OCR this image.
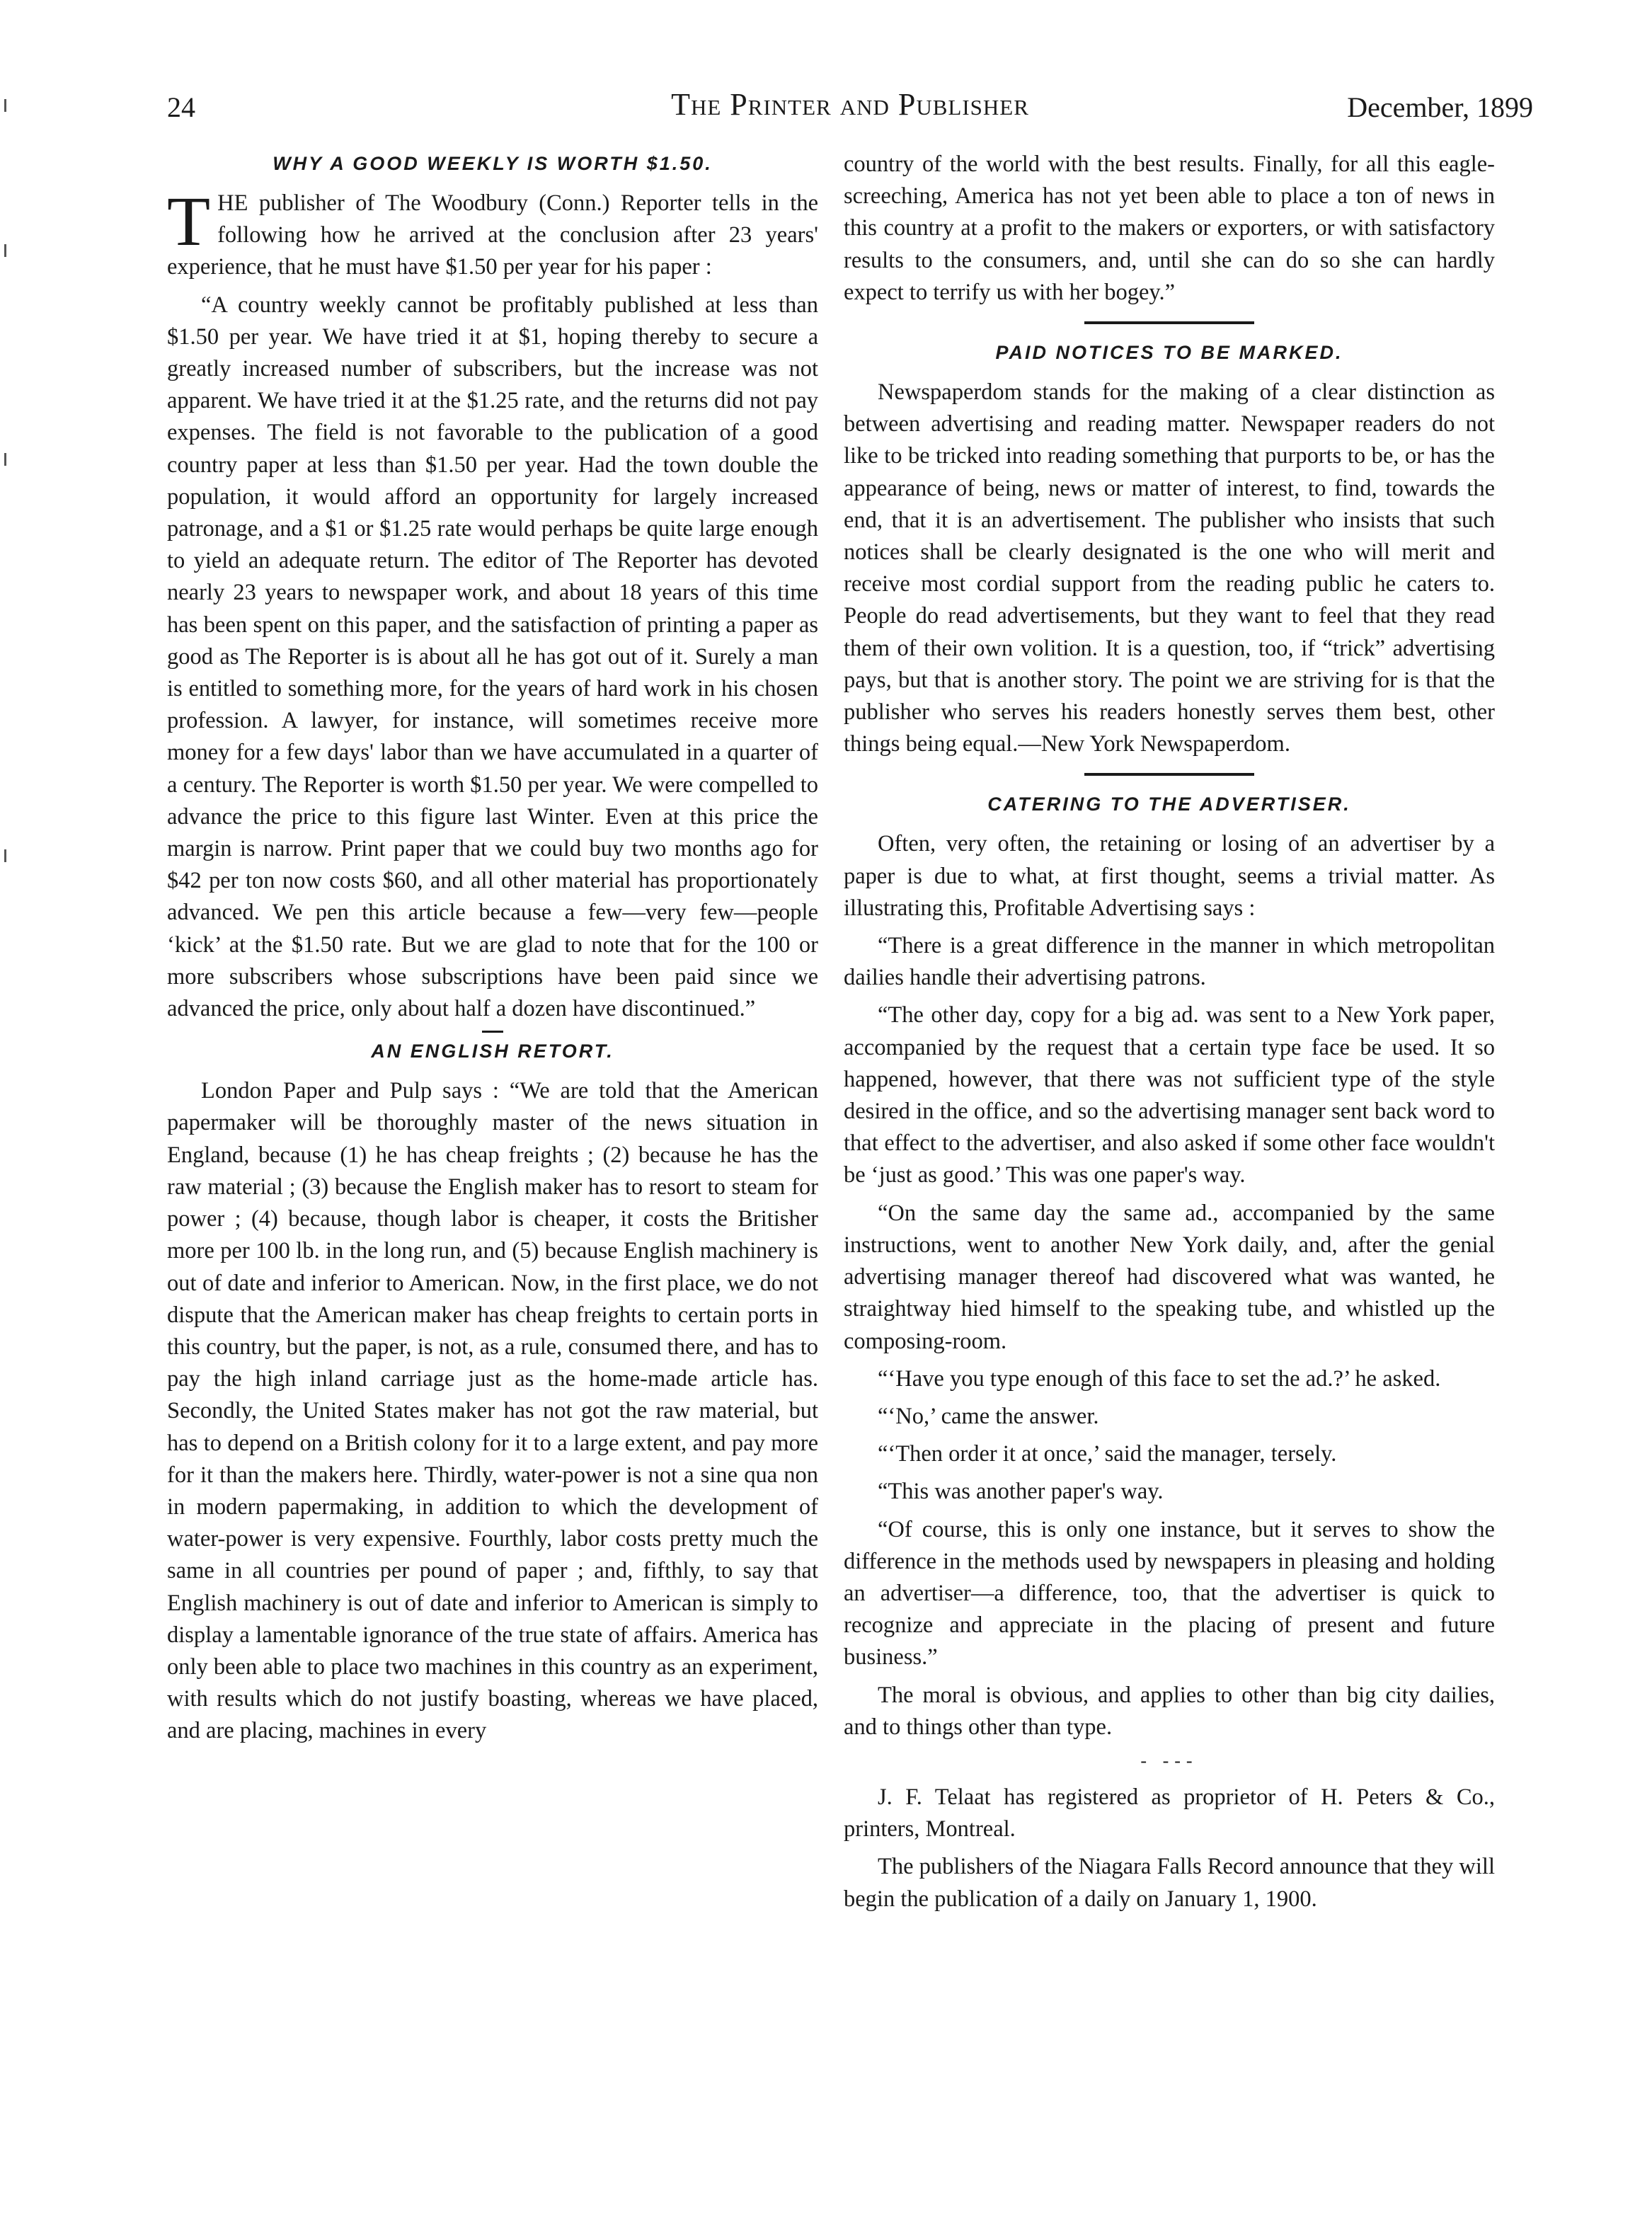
24	The Printer and Publisher	December, 1899
WHY A GOOD WEEKLY IS WORTH $1.50.

THE publisher of The Woodbury (Conn.) Reporter tells in the following how he arrived at the conclusion after 23 years' experience, that he must have $1.50 per year for his paper :

“A country weekly cannot be profitably published at less than $1.50 per year. We have tried it at $1, hoping thereby to secure a greatly increased number of subscribers, but the increase was not apparent. We have tried it at the $1.25 rate, and the returns did not pay expenses. The field is not favorable to the publication of a good country paper at less than $1.50 per year. Had the town double the population, it would afford an opportunity for largely increased patronage, and a $1 or $1.25 rate would perhaps be quite large enough to yield an adequate return. The editor of The Reporter has devoted nearly 23 years to newspaper work, and about 18 years of this time has been spent on this paper, and the satisfaction of printing a paper as good as The Reporter is is about all he has got out of it. Surely a man is entitled to something more, for the years of hard work in his chosen profession. A lawyer, for instance, will sometimes receive more money for a few days' labor than we have accumulated in a quarter of a century. The Reporter is worth $1.50 per year. We were compelled to advance the price to this figure last Winter. Even at this price the margin is narrow. Print paper that we could buy two months ago for $42 per ton now costs $60, and all other material has proportionately advanced. We pen this article because a few—very few—people ‘kick’ at the $1.50 rate. But we are glad to note that for the 100 or more subscribers whose subscriptions have been paid since we advanced the price, only about half a dozen have discontinued.”

AN ENGLISH RETORT.

London Paper and Pulp says : “We are told that the American papermaker will be thoroughly master of the news situation in England, because (1) he has cheap freights ; (2) because he has the raw material ; (3) because the English maker has to resort to steam for power ; (4) because, though labor is cheaper, it costs the Britisher more per 100 lb. in the long run, and (5) because English machinery is out of date and inferior to American. Now, in the first place, we do not dispute that the American maker has cheap freights to certain ports in this country, but the paper, is not, as a rule, consumed there, and has to pay the high inland carriage just as the home-made article has. Secondly, the United States maker has not got the raw material, but has to depend on a British colony for it to a large extent, and pay more for it than the makers here. Thirdly, water-power is not a sine qua non in modern papermaking, in addition to which the development of water-power is very expensive. Fourthly, labor costs pretty much the same in all countries per pound of paper ; and, fifthly, to say that English machinery is out of date and inferior to American is simply to display a lamentable ignorance of the true state of affairs. America has only been able to place two machines in this country as an experiment, with results which do not justify boasting, whereas we have placed, and are placing, machines in every

country of the world with the best results. Finally, for all this eagle-screeching, America has not yet been able to place a ton of news in this country at a profit to the makers or exporters, or with satisfactory results to the consumers, and, until she can do so she can hardly expect to terrify us with her bogey.”

PAID NOTICES TO BE MARKED.

Newspaperdom stands for the making of a clear distinction as between advertising and reading matter. Newspaper readers do not like to be tricked into reading something that purports to be, or has the appearance of being, news or matter of interest, to find, towards the end, that it is an advertisement. The publisher who insists that such notices shall be clearly designated is the one who will merit and receive most cordial support from the reading public he caters to. People do read advertisements, but they want to feel that they read them of their own volition. It is a question, too, if “trick” advertising pays, but that is another story. The point we are striving for is that the publisher who serves his readers honestly serves them best, other things being equal.—New York Newspaperdom.

CATERING TO THE ADVERTISER.

Often, very often, the retaining or losing of an advertiser by a paper is due to what, at first thought, seems a trivial matter. As illustrating this, Profitable Advertising says :

“There is a great difference in the manner in which metropolitan dailies handle their advertising patrons.

“The other day, copy for a big ad. was sent to a New York paper, accompanied by the request that a certain type face be used. It so happened, however, that there was not sufficient type of the style desired in the office, and so the advertising manager sent back word to that effect to the advertiser, and also asked if some other face wouldn't be ‘just as good.’ This was one paper's way.

“On the same day the same ad., accompanied by the same instructions, went to another New York daily, and, after the genial advertising manager thereof had discovered what was wanted, he straightway hied himself to the speaking tube, and whistled up the composing-room.

“‘Have you type enough of this face to set the ad.?’ he asked.

“‘No,’ came the answer.

“‘Then order it at once,’ said the manager, tersely.

“This was another paper's way.

“Of course, this is only one instance, but it serves to show the difference in the methods used by newspapers in pleasing and holding an advertiser—a difference, too, that the advertiser is quick to recognize and appreciate in the placing of present and future business.”

The moral is obvious, and applies to other than big city dailies, and to things other than type.

- ---

J. F. Telaat has registered as proprietor of H. Peters & Co., printers, Montreal.

The publishers of the Niagara Falls Record announce that they will begin the publication of a daily on January 1, 1900.
